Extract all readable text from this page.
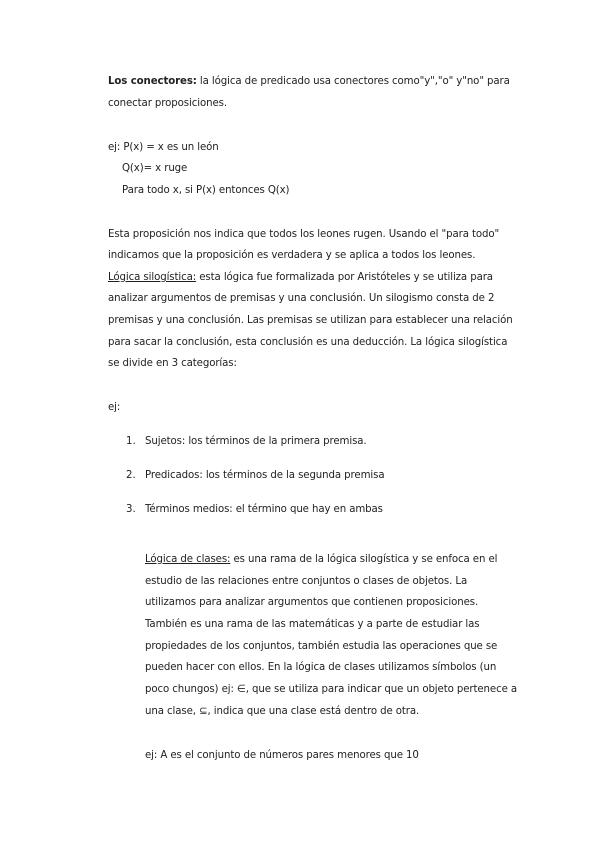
Los conectores: la lógica de predicado usa conectores como"y","o" y"no" para
conectar proposiciones.
ej: P(x) = x es un león
Q(x)= x ruge
Para todo x, si P(x) entonces Q(x)
Esta proposición nos indica que todos los leones rugen. Usando el "para todo"
indicamos que la proposición es verdadera y se aplica a todos los leones.
Lógica silogística: esta lógica fue formalizada por Aristóteles y se utiliza para
analizar argumentos de premisas y una conclusión. Un silogismo consta de 2
premisas y una conclusión. Las premisas se utilizan para establecer una relación
para sacar la conclusión, esta conclusión es una deducción. La lógica silogística
se divide en 3 categorías:
ej:
1. Sujetos: los términos de la primera premisa.
2. Predicados: los términos de la segunda premisa
3. Términos medios: el término que hay en ambas
Lógica de clases: es una rama de la lógica silogística y se enfoca en el
estudio de las relaciones entre conjuntos o clases de objetos. La
utilizamos para analizar argumentos que contienen proposiciones.
También es una rama de las matemáticas y a parte de estudiar las
propiedades de los conjuntos, también estudia las operaciones que se
pueden hacer con ellos. En la lógica de clases utilizamos símbolos (un
poco chungos) ej: ∈, que se utiliza para indicar que un objeto pertenece a
una clase, ⊆, indica que una clase está dentro de otra.
ej: A es el conjunto de números pares menores que 10
